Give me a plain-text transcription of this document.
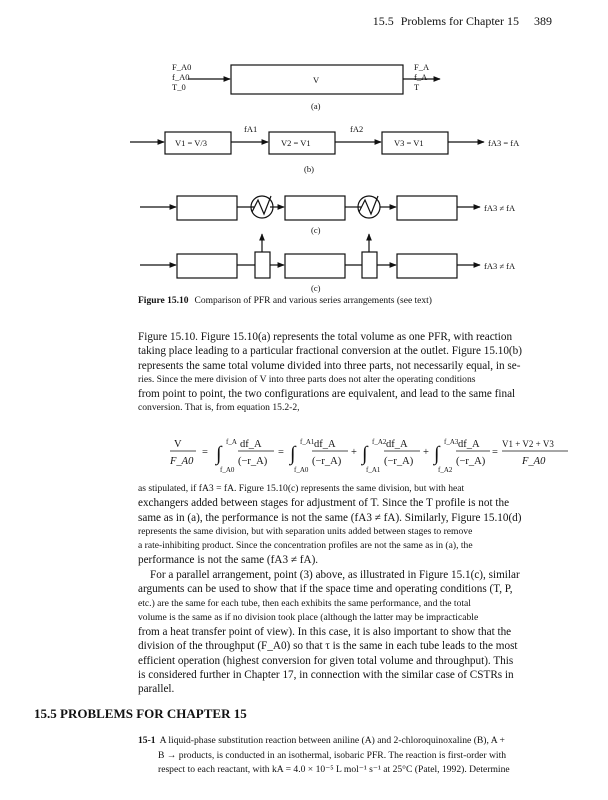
15.5 Problems for Chapter 15 389
F_A0
f_A0
T_0
V
F_A
f_A
T
(a)
V1 = V/3
fA1
V2 = V1
fA2
V3 = V1	fA3 = fA
(b)
fA3 ≠ fA
(c)
fA3 ≠ fA
(c)
Figure 15.10 Comparison of PFR and various series arrangements (see text)

Figure 15.10. Figure 15.10(a) represents the total volume as one PFR, with reaction

taking place leading to a particular fractional conversion at the outlet. Figure 15.10(b)

represents the same total volume divided into three parts, not necessarily equal, in se-

ries. Since the mere division of V into three parts does not alter the operating conditions

from point to point, the two configurations are equivalent, and lead to the same final

conversion. That is, from equation 15.2-2,

V
F_A0
= ∫
f_A
f_A0
df_A
(−r_A)
= ∫
f_A1
f_A0
df_A
(−r_A)
+ ∫
f_A2
f_A1
df_A
(−r_A)
+ ∫
f_A3
f_A2
df_A
(−r_A)
=
V1 + V2 + V3
F_A0

as stipulated, if fA3 = fA. Figure 15.10(c) represents the same division, but with heat

exchangers added between stages for adjustment of T. Since the T profile is not the

same as in (a), the performance is not the same (fA3 ≠ fA). Similarly, Figure 15.10(d)

represents the same division, but with separation units added between stages to remove

a rate-inhibiting product. Since the concentration profiles are not the same as in (a), the

performance is not the same (fA3 ≠ fA).

For a parallel arrangement, point (3) above, as illustrated in Figure 15.1(c), similar

arguments can be used to show that if the space time and operating conditions (T, P,

etc.) are the same for each tube, then each exhibits the same performance, and the total

volume is the same as if no division took place (although the latter may be impracticable

from a heat transfer point of view). In this case, it is also important to show that the

division of the throughput (F_A0) so that τ is the same in each tube leads to the most

efficient operation (highest conversion for given total volume and throughput). This

is considered further in Chapter 17, in connection with the similar case of CSTRs in

parallel.

15.5 PROBLEMS FOR CHAPTER 15

15-1 A liquid-phase substitution reaction between aniline (A) and 2-chloroquinoxaline (B), A +

B → products, is conducted in an isothermal, isobaric PFR. The reaction is first-order with

respect to each reactant, with kA = 4.0 × 10⁻⁵ L mol⁻¹ s⁻¹ at 25°C (Patel, 1992). Determine
